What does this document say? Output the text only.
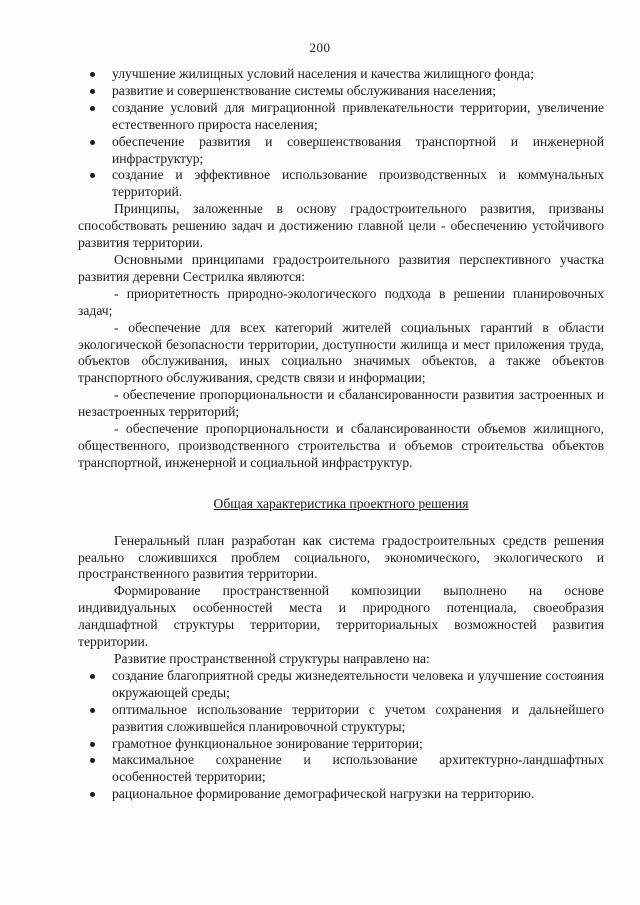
200
улучшение жилищных условий населения и качества жилищного фонда;
развитие и совершенствование системы обслуживания населения;
создание условий для миграционной привлекательности территории, увеличение естественного прироста населения;
обеспечение развития и совершенствования транспортной и инженерной инфраструктур;
создание и эффективное использование производственных и коммунальных территорий.

Принципы, заложенные в основу градостроительного развития, призваны способствовать решению задач и достижению главной цели - обеспечению устойчивого развития территории.

Основными принципами градостроительного развития перспективного участка развития деревни Сестрилка являются:

- приоритетность природно-экологического подхода в решении планировочных задач;

- обеспечение для всех категорий жителей социальных гарантий в области экологической безопасности территории, доступности жилища и мест приложения труда, объектов обслуживания, иных социально значимых объектов, а также объектов транспортного обслуживания, средств связи и информации;

- обеспечение пропорциональности и сбалансированности развития застроенных и незастроенных территорий;

- обеспечение пропорциональности и сбалансированности объемов жилищного, общественного, производственного строительства и объемов строительства объектов транспортной, инженерной и социальной инфраструктур.

Общая характеристика проектного решения

Генеральный план разработан как система градостроительных средств решения реально сложившихся проблем социального, экономического, экологического и пространственного развития территории.

Формирование пространственной композиции выполнено на основе индивидуальных особенностей места и природного потенциала, своеобразия ландшафтной структуры территории, территориальных возможностей развития территории.

Развитие пространственной структуры направлено на:

создание благоприятной среды жизнедеятельности человека и улучшение состояния окружающей среды;
оптимальное использование территории с учетом сохранения и дальнейшего развития сложившейся планировочной структуры;
грамотное функциональное зонирование территории;
максимальное сохранение и использование архитектурно-ландшафтных особенностей территории;
рациональное формирование демографической нагрузки на территорию.
